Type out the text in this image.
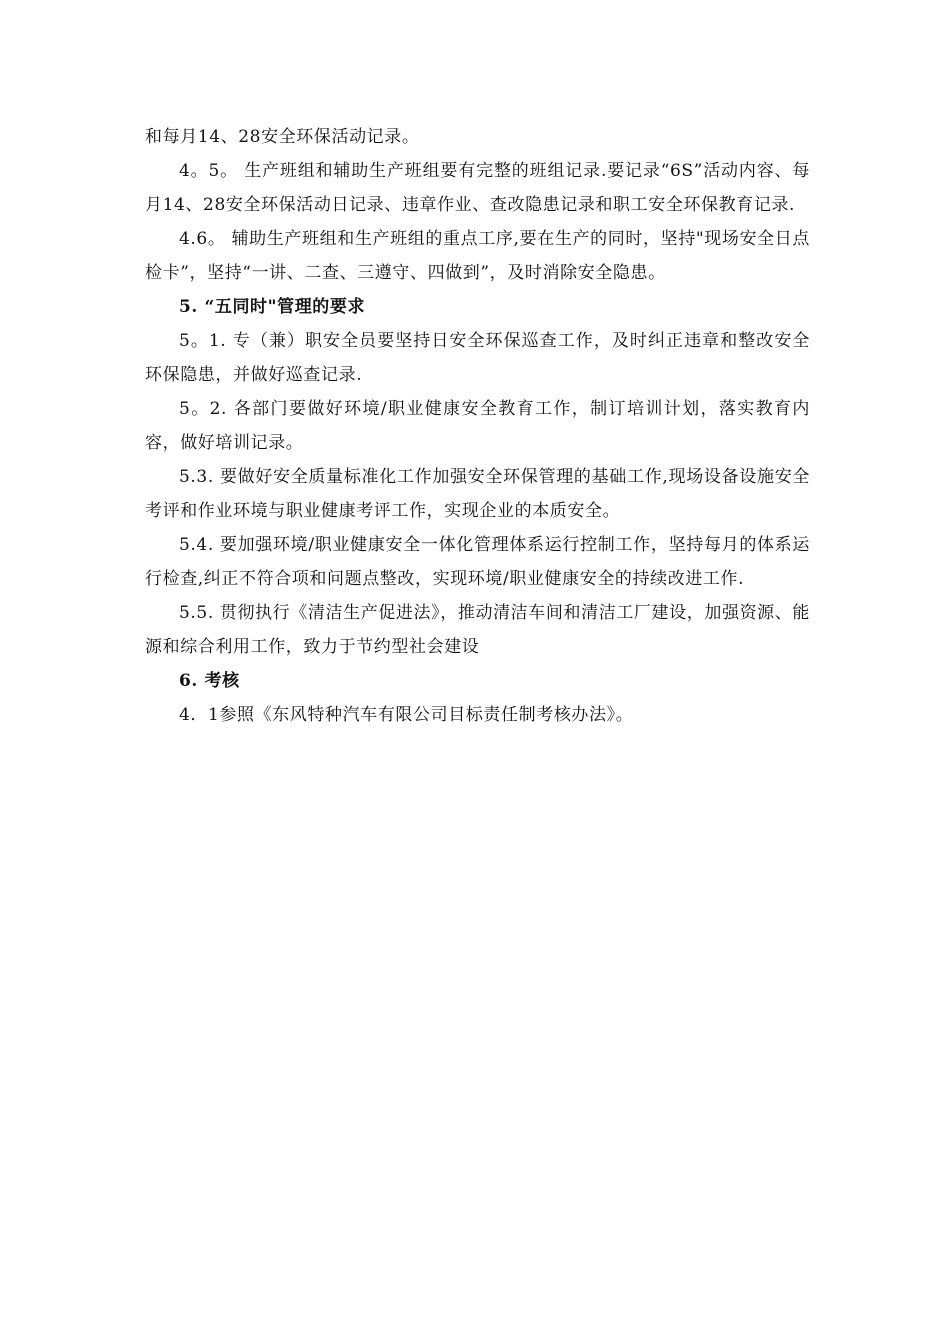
和每月14、28安全环保活动记录。

4。5。 生产班组和辅助生产班组要有完整的班组记录.要记录“6S”活动内容、每月14、28安全环保活动日记录、违章作业、查改隐患记录和职工安全环保教育记录.

4.6。 辅助生产班组和生产班组的重点工序,要在生产的同时，坚持"现场安全日点检卡”，坚持“一讲、二查、三遵守、四做到”，及时消除安全隐患。

5. “五同时"管理的要求

5。1. 专（兼）职安全员要坚持日安全环保巡查工作，及时纠正违章和整改安全环保隐患，并做好巡查记录.

5。2. 各部门要做好环境/职业健康安全教育工作，制订培训计划，落实教育内容，做好培训记录。

5.3. 要做好安全质量标准化工作加强安全环保管理的基础工作,现场设备设施安全考评和作业环境与职业健康考评工作，实现企业的本质安全。

5.4. 要加强环境/职业健康安全一体化管理体系运行控制工作，坚持每月的体系运行检查,纠正不符合项和问题点整改，实现环境/职业健康安全的持续改进工作.

5.5. 贯彻执行《清洁生产促进法》，推动清洁车间和清洁工厂建设，加强资源、能源和综合利用工作，致力于节约型社会建设

6. 考核

4．1参照《东风特种汽车有限公司目标责任制考核办法》。
